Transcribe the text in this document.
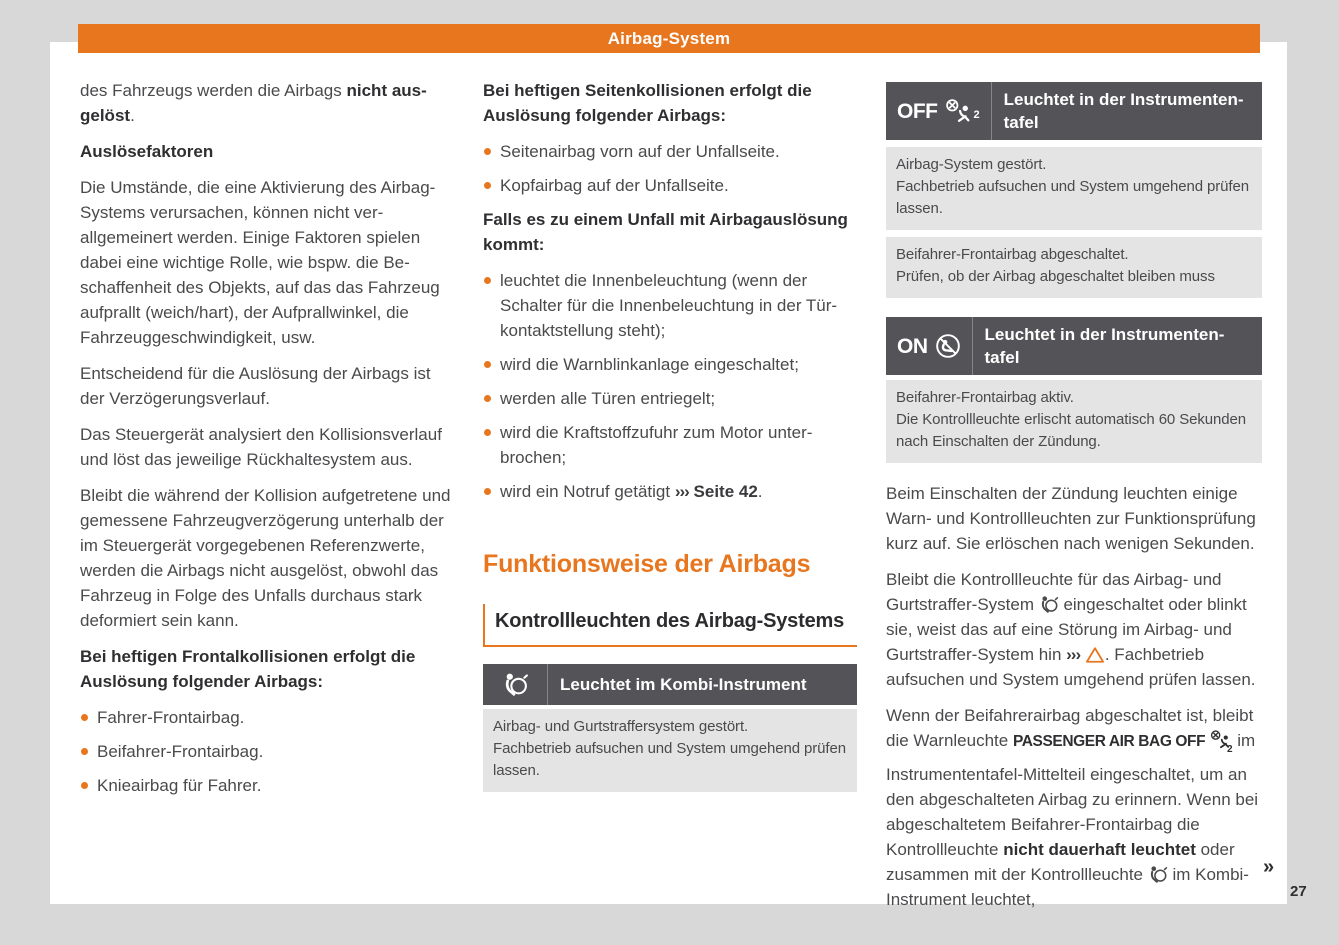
Airbag-System

des Fahrzeugs werden die Airbags nicht ausgelöst.

Auslösefaktoren

Die Umstände, die eine Aktivierung des Airbag-Systems verursachen, können nicht verallgemeinert werden. Einige Faktoren spielen dabei eine wichtige Rolle, wie bspw. die Beschaffenheit des Objekts, auf das das Fahrzeug aufprallt (weich/hart), der Aufprallwinkel, die Fahrzeuggeschwindigkeit, usw.

Entscheidend für die Auslösung der Airbags ist der Verzögerungsverlauf.

Das Steuergerät analysiert den Kollisionsverlauf und löst das jeweilige Rückhaltesystem aus.

Bleibt die während der Kollision aufgetretene und gemessene Fahrzeugverzögerung unterhalb der im Steuergerät vorgegebenen Referenzwerte, werden die Airbags nicht ausgelöst, obwohl das Fahrzeug in Folge des Unfalls durchaus stark deformiert sein kann.

Bei heftigen Frontalkollisionen erfolgt die Auslösung folgender Airbags:

Fahrer-Frontairbag.
Beifahrer-Frontairbag.
Knieairbag für Fahrer.

Bei heftigen Seitenkollisionen erfolgt die Auslösung folgender Airbags:

Seitenairbag vorn auf der Unfallseite.
Kopfairbag auf der Unfallseite.

Falls es zu einem Unfall mit Airbagauslösung kommt:

leuchtet die Innenbeleuchtung (wenn der Schalter für die Innenbeleuchtung in der Türkontaktstellung steht);
wird die Warnblinkanlage eingeschaltet;
werden alle Türen entriegelt;
wird die Kraftstoffzufuhr zum Motor unterbrochen;
wird ein Notruf getätigt ››› Seite 42.
Funktionsweise der Airbags
Kontrollleuchten des Airbag-Systems
Leuchtet im Kombi-Instrument
Airbag- und Gurtstraffersystem gestört.
Fachbetrieb aufsuchen und System umgehend prüfen lassen.
OFF	2
Leuchtet in der Instrumententafel
Airbag-System gestört.
Fachbetrieb aufsuchen und System umgehend prüfen lassen.
Beifahrer-Frontairbag abgeschaltet.
Prüfen, ob der Airbag abgeschaltet bleiben muss
ON	Leuchtet in der Instrumententafel
Beifahrer-Frontairbag aktiv.
Die Kontrollleuchte erlischt automatisch 60 Sekunden nach Einschalten der Zündung.

Beim Einschalten der Zündung leuchten einige Warn- und Kontrollleuchten zur Funktionsprüfung kurz auf. Sie erlöschen nach wenigen Sekunden.

Bleibt die Kontrollleuchte für das Airbag- und Gurtstraffer-System  eingeschaltet oder blinkt sie, weist das auf eine Störung im Airbag- und Gurtstraffer-System hin ››› . Fachbetrieb aufsuchen und System umgehend prüfen lassen.

Wenn der Beifahrerairbag abgeschaltet ist, bleibt die Warnleuchte PASSENGER AIR BAG OFF $_2$ im Instrumententafel-Mittelteil eingeschaltet, um an den abgeschalteten Airbag zu erinnern. Wenn bei abgeschaltetem Beifahrer-Frontairbag die Kontrollleuchte nicht dauerhaft leuchtet oder zusammen mit der Kontrollleuchte  im Kombi-Instrument leuchtet,

»
27
